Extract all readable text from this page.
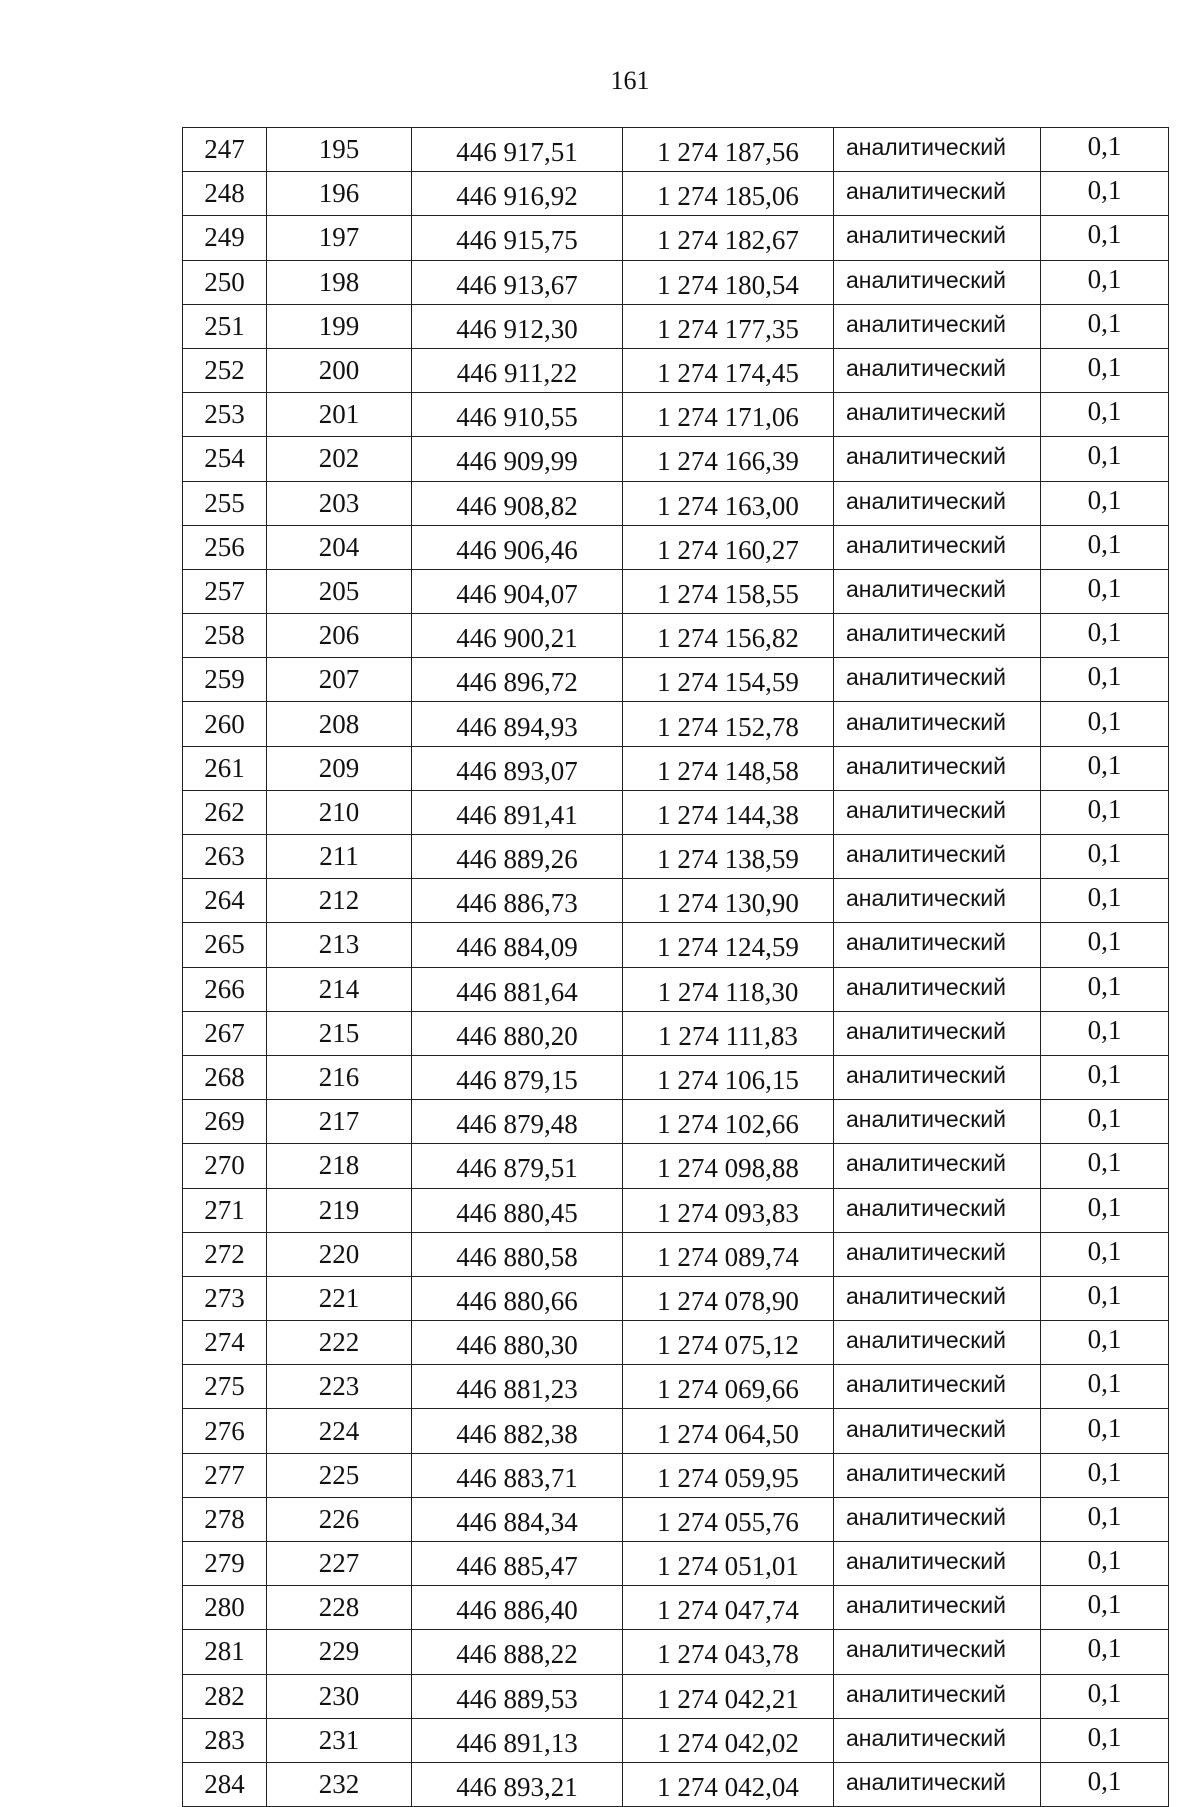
161
247	195	446 917,51	1 274 187,56	аналитический	0,1
248	196	446 916,92	1 274 185,06	аналитический	0,1
249	197	446 915,75	1 274 182,67	аналитический	0,1
250	198	446 913,67	1 274 180,54	аналитический	0,1
251	199	446 912,30	1 274 177,35	аналитический	0,1
252	200	446 911,22	1 274 174,45	аналитический	0,1
253	201	446 910,55	1 274 171,06	аналитический	0,1
254	202	446 909,99	1 274 166,39	аналитический	0,1
255	203	446 908,82	1 274 163,00	аналитический	0,1
256	204	446 906,46	1 274 160,27	аналитический	0,1
257	205	446 904,07	1 274 158,55	аналитический	0,1
258	206	446 900,21	1 274 156,82	аналитический	0,1
259	207	446 896,72	1 274 154,59	аналитический	0,1
260	208	446 894,93	1 274 152,78	аналитический	0,1
261	209	446 893,07	1 274 148,58	аналитический	0,1
262	210	446 891,41	1 274 144,38	аналитический	0,1
263	211	446 889,26	1 274 138,59	аналитический	0,1
264	212	446 886,73	1 274 130,90	аналитический	0,1
265	213	446 884,09	1 274 124,59	аналитический	0,1
266	214	446 881,64	1 274 118,30	аналитический	0,1
267	215	446 880,20	1 274 111,83	аналитический	0,1
268	216	446 879,15	1 274 106,15	аналитический	0,1
269	217	446 879,48	1 274 102,66	аналитический	0,1
270	218	446 879,51	1 274 098,88	аналитический	0,1
271	219	446 880,45	1 274 093,83	аналитический	0,1
272	220	446 880,58	1 274 089,74	аналитический	0,1
273	221	446 880,66	1 274 078,90	аналитический	0,1
274	222	446 880,30	1 274 075,12	аналитический	0,1
275	223	446 881,23	1 274 069,66	аналитический	0,1
276	224	446 882,38	1 274 064,50	аналитический	0,1
277	225	446 883,71	1 274 059,95	аналитический	0,1
278	226	446 884,34	1 274 055,76	аналитический	0,1
279	227	446 885,47	1 274 051,01	аналитический	0,1
280	228	446 886,40	1 274 047,74	аналитический	0,1
281	229	446 888,22	1 274 043,78	аналитический	0,1
282	230	446 889,53	1 274 042,21	аналитический	0,1
283	231	446 891,13	1 274 042,02	аналитический	0,1
284	232	446 893,21	1 274 042,04	аналитический	0,1
